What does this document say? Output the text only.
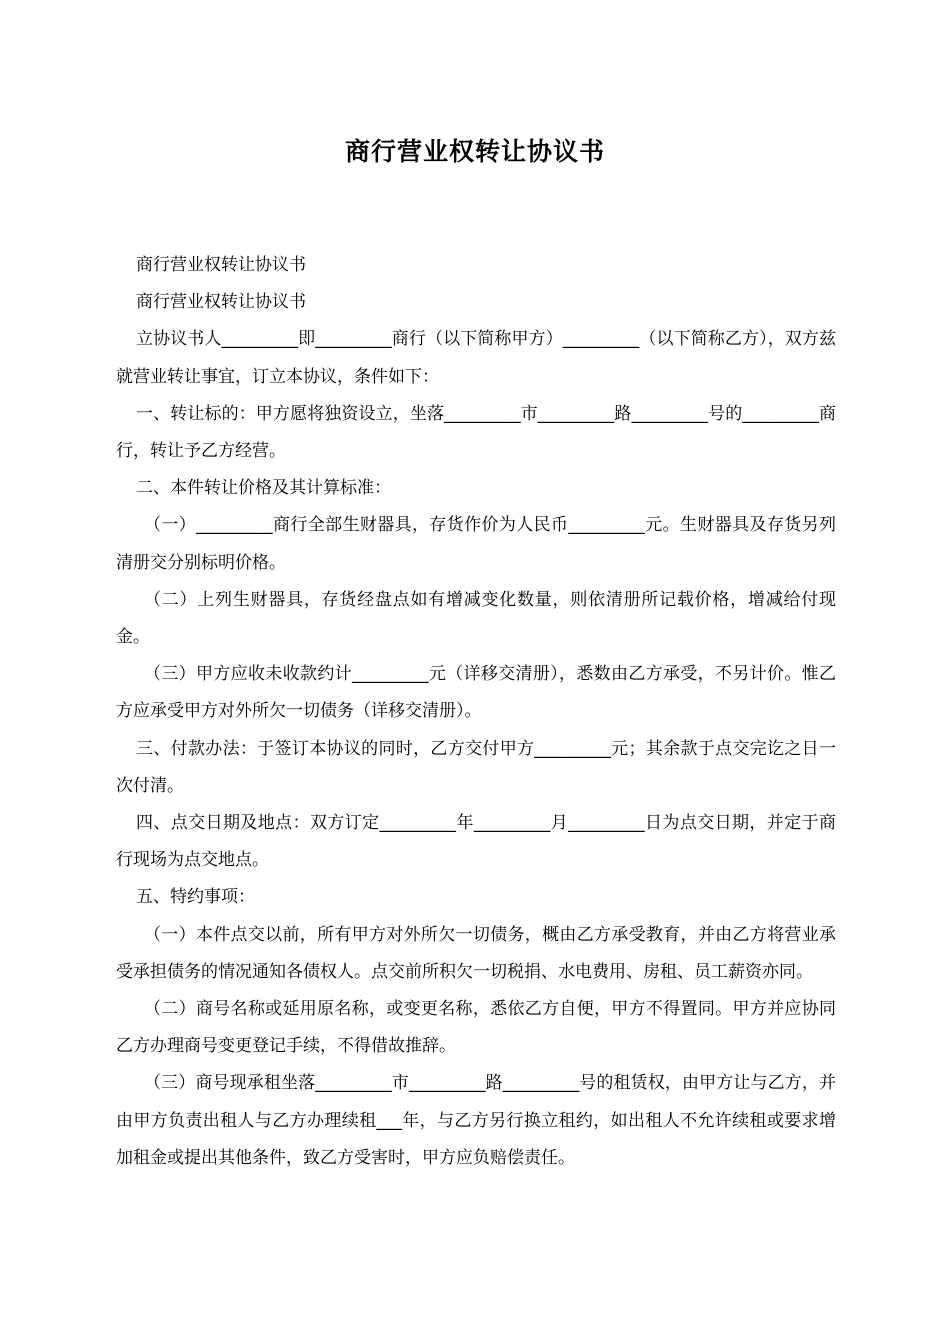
商行营业权转让协议书

商行营业权转让协议书

商行营业权转让协议书

立协议书人_________即_________商行（以下简称甲方）_________（以下简称乙方），双方兹就营业转让事宜，订立本协议，条件如下：

一、转让标的：甲方愿将独资设立，坐落_________市_________路_________号的_________商行，转让予乙方经营。

二、本件转让价格及其计算标准：

（一）_________商行全部生财器具，存货作价为人民币_________元。生财器具及存货另列清册交分别标明价格。

（二）上列生财器具，存货经盘点如有增减变化数量，则依清册所记载价格，增减给付现金。

（三）甲方应收未收款约计_________元（详移交清册），悉数由乙方承受，不另计价。惟乙方应承受甲方对外所欠一切债务（详移交清册）。

三、付款办法：于签订本协议的同时，乙方交付甲方_________元；其余款于点交完讫之日一次付清。

四、点交日期及地点：双方订定_________年_________月_________日为点交日期，并定于商行现场为点交地点。

五、特约事项：

（一）本件点交以前，所有甲方对外所欠一切债务，概由乙方承受教育，并由乙方将营业承受承担债务的情况通知各债权人。点交前所积欠一切税捐、水电费用、房租、员工薪资亦同。

（二）商号名称或延用原名称，或变更名称，悉依乙方自便，甲方不得置同。甲方并应协同乙方办理商号变更登记手续，不得借故推辞。

（三）商号现承租坐落_________市_________路_________号的租赁权，由甲方让与乙方，并由甲方负责出租人与乙方办理续租___年，与乙方另行换立租约，如出租人不允许续租或要求增加租金或提出其他条件，致乙方受害时，甲方应负赔偿责任。
